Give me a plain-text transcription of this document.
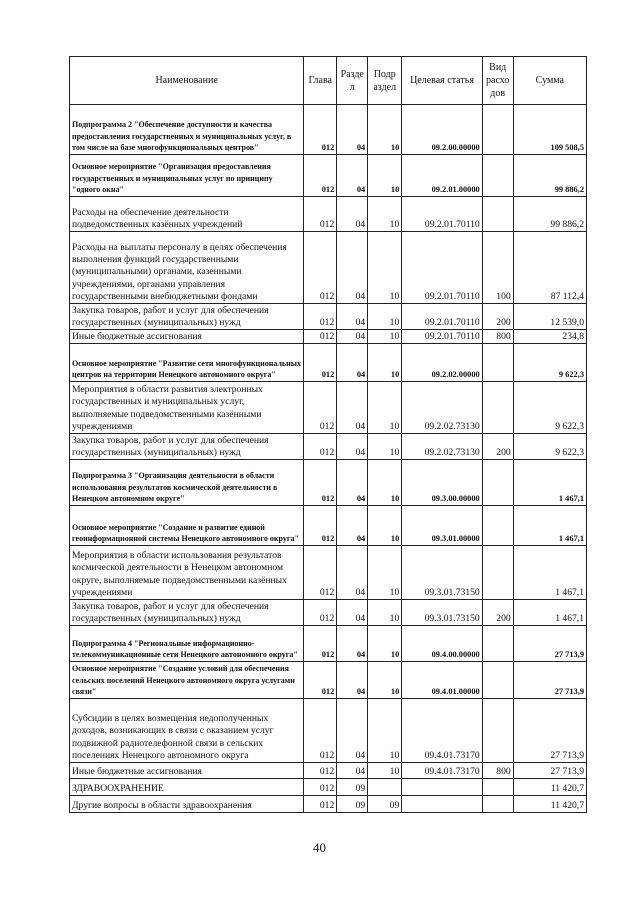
Наименование	Глава	Разде л	Подр аздел	Целевая статья	Вид расхо дов	Сумма
Подпрограмма 2 "Обеспечение доступности и качества предоставления государственных и муниципальных услуг, в том числе на базе многофункциональных центров"	012	04	10	09.2.00.00000		109 508,5
Основное мероприятие "Организация предоставления государственных и муниципальных услуг по принципу "одного окна"	012	04	10	09.2.01.00000		99 886,2
Расходы на обеспечение деятельности подведомственных казённых учреждений	012	04	10	09.2.01.70110		99 886,2
Расходы на выплаты персоналу в целях обеспечения выполнения функций государственными (муниципальными) органами, казенными учреждениями, органами управления государственными внебюджетными фондами	012	04	10	09.2.01.70110	100	87 112,4
Закупка товаров, работ и услуг для обеспечения государственных (муниципальных) нужд	012	04	10	09.2.01.70110	200	12 539,0
Иные бюджетные ассигнования	012	04	10	09.2.01.70110	800	234,8
Основное мероприятие "Развитие сети многофункциональных центров на территории Ненецкого автономного округа"	012	04	10	09.2.02.00000		9 622,3
Мероприятия в области развития электронных государственных и муниципальных услуг, выполняемые подведомственными казёнными учреждениями	012	04	10	09.2.02.73130		9 622,3
Закупка товаров, работ и услуг для обеспечения государственных (муниципальных) нужд	012	04	10	09.2.02.73130	200	9 622,3
Подпрограмма 3 "Организация деятельности в области использования результатов космической деятельности в Ненецком автономном округе"	012	04	10	09.3.00.00000		1 467,1
Основное мероприятие "Создание и развитие единой геоинформационной системы Ненецкого автономного округа"	012	04	10	09.3.01.00000		1 467,1
Мероприятия в области использования результатов космической деятельности в Ненецком автономном округе, выполняемые подведомственными казённых учреждениями	012	04	10	09.3.01.73150		1 467,1
Закупка товаров, работ и услуг для обеспечения государственных (муниципальных) нужд	012	04	10	09.3.01.73150	200	1 467,1
Подпрограмма 4 "Региональные информационно-телекоммуникационные сети Ненецкого автономного округа"	012	04	10	09.4.00.00000		27 713,9
Основное мероприятие "Создание условий для обеспечения сельских поселений Ненецкого автономного округа услугами связи"	012	04	10	09.4.01.00000		27 713,9
Субсидии в целях возмещения недополученных доходов, возникающих в связи с оказанием услуг подвижной радиотелефонной связи в сельских поселениях Ненецкого автономного округа	012	04	10	09.4.01.73170		27 713,9
Иные бюджетные ассигнования	012	04	10	09.4.01.73170	800	27 713,9
ЗДРАВООХРАНЕНИЕ	012	09				11 420,7
Другие вопросы в области здравоохранения	012	09	09			11 420,7
40
